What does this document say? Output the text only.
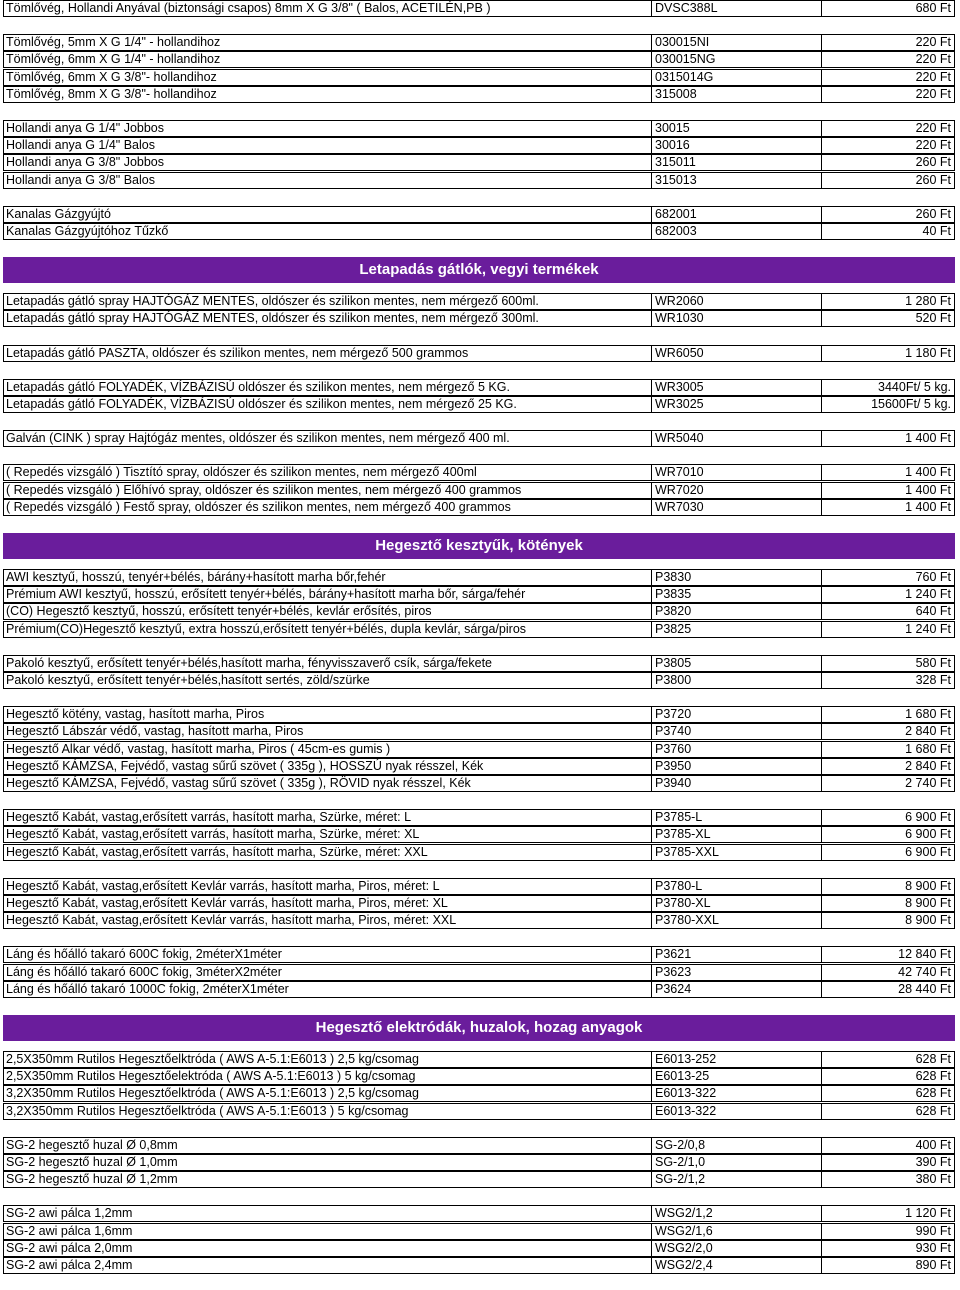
Tömlővég, Hollandi Anyával (biztonsági csapos) 8mm X G 3/8" ( Balos, ACETILÉN,PB )	DVSC388L	680 Ft
Tömlővég, 5mm X G 1/4" - hollandihoz	030015NI	220 Ft
Tömlővég, 6mm X G 1/4" - hollandihoz	030015NG	220 Ft
Tömlővég, 6mm X G 3/8"- hollandihoz	0315014G	220 Ft
Tömlővég, 8mm X G 3/8"- hollandihoz	315008	220 Ft
Hollandi anya G 1/4" Jobbos	30015	220 Ft
Hollandi anya G 1/4" Balos	30016	220 Ft
Hollandi anya G 3/8" Jobbos	315011	260 Ft
Hollandi anya G 3/8" Balos	315013	260 Ft
Kanalas Gázgyújtó	682001	260 Ft
Kanalas Gázgyújtóhoz Tűzkő	682003	40 Ft
Letapadás gátlók, vegyi termékek
Letapadás gátló spray HAJTÓGÁZ MENTES, oldószer és szilikon mentes, nem mérgező 600ml.	WR2060	1 280 Ft
Letapadás gátló spray HAJTÓGÁZ MENTES, oldószer és szilikon mentes, nem mérgező 300ml.	WR1030	520 Ft
Letapadás gátló PASZTA, oldószer és szilikon mentes, nem mérgező 500 grammos	WR6050	1 180 Ft
Letapadás gátló FOLYADÉK, VÍZBÁZISÚ oldószer és szilikon mentes, nem mérgező 5 KG.	WR3005	3440Ft/ 5 kg.
Letapadás gátló FOLYADÉK, VÍZBÁZISÚ oldószer és szilikon mentes, nem mérgező 25 KG.	WR3025	15600Ft/ 5 kg.
Galván (CINK ) spray Hajtógáz mentes, oldószer és szilikon mentes, nem mérgező 400 ml.	WR5040	1 400 Ft
( Repedés vizsgáló ) Tisztító spray, oldószer és szilikon mentes, nem mérgező 400ml	WR7010	1 400 Ft
( Repedés vizsgáló ) Előhívó spray, oldószer és szilikon mentes, nem mérgező 400 grammos	WR7020	1 400 Ft
( Repedés vizsgáló ) Festő spray, oldószer és szilikon mentes, nem mérgező 400 grammos	WR7030	1 400 Ft
Hegesztő kesztyűk, kötények
AWI kesztyű, hosszú, tenyér+bélés, bárány+hasított marha bőr,fehér	P3830	760 Ft
Prémium AWI kesztyű, hosszú, erősített tenyér+bélés, bárány+hasított marha bőr, sárga/fehér	P3835	1 240 Ft
(CO) Hegesztő kesztyű, hosszú, erősített tenyér+bélés, kevlár erősítés, piros	P3820	640 Ft
Prémium(CO)Hegesztő kesztyű, extra hosszú,erősített tenyér+bélés, dupla kevlár, sárga/piros	P3825	1 240 Ft
Pakoló kesztyű, erősített tenyér+bélés,hasított marha, fényvisszaverő csík, sárga/fekete	P3805	580 Ft
Pakoló kesztyű, erősített tenyér+bélés,hasított sertés, zöld/szürke	P3800	328 Ft
Hegesztő kötény, vastag, hasított marha, Piros	P3720	1 680 Ft
Hegesztő Lábszár védő, vastag, hasított marha, Piros	P3740	2 840 Ft
Hegesztő Alkar védő, vastag, hasított marha, Piros ( 45cm-es gumis )	P3760	1 680 Ft
Hegesztő KÁMZSA, Fejvédő, vastag sűrű szövet ( 335g ), HOSSZÚ nyak résszel, Kék	P3950	2 840 Ft
Hegesztő KÁMZSA, Fejvédő, vastag sűrű szövet ( 335g ), RÖVID nyak résszel, Kék	P3940	2 740 Ft
Hegesztő Kabát, vastag,erősített varrás, hasított marha, Szürke, méret: L	P3785-L	6 900 Ft
Hegesztő Kabát, vastag,erősített varrás, hasított marha, Szürke, méret: XL	P3785-XL	6 900 Ft
Hegesztő Kabát, vastag,erősített varrás, hasított marha, Szürke, méret: XXL	P3785-XXL	6 900 Ft
Hegesztő Kabát, vastag,erősített Kevlár varrás, hasított marha, Piros, méret: L	P3780-L	8 900 Ft
Hegesztő Kabát, vastag,erősített Kevlár varrás, hasított marha, Piros, méret: XL	P3780-XL	8 900 Ft
Hegesztő Kabát, vastag,erősített Kevlár varrás, hasított marha, Piros, méret: XXL	P3780-XXL	8 900 Ft
Láng és hőálló takaró 600C fokig, 2méterX1méter	P3621	12 840 Ft
Láng és hőálló takaró 600C fokig, 3méterX2méter	P3623	42 740 Ft
Láng és hőálló takaró 1000C fokig, 2méterX1méter	P3624	28 440 Ft
Hegesztő elektródák, huzalok, hozag anyagok
2,5X350mm Rutilos Hegesztőelktróda ( AWS A-5.1:E6013 ) 2,5 kg/csomag	E6013-252	628 Ft
2,5X350mm Rutilos Hegesztőelektróda ( AWS A-5.1:E6013 ) 5 kg/csomag	E6013-25	628 Ft
3,2X350mm Rutilos Hegesztőelktróda ( AWS A-5.1:E6013 ) 2,5 kg/csomag	E6013-322	628 Ft
3,2X350mm Rutilos Hegesztőelktróda ( AWS A-5.1:E6013 ) 5 kg/csomag	E6013-322	628 Ft
SG-2 hegesztő huzal Ø 0,8mm	SG-2/0,8	400 Ft
SG-2 hegesztő huzal Ø 1,0mm	SG-2/1,0	390 Ft
SG-2 hegesztő huzal Ø 1,2mm	SG-2/1,2	380 Ft
SG-2 awi pálca 1,2mm	WSG2/1,2	1 120 Ft
SG-2 awi pálca 1,6mm	WSG2/1,6	990 Ft
SG-2 awi pálca 2,0mm	WSG2/2,0	930 Ft
SG-2 awi pálca 2,4mm	WSG2/2,4	890 Ft
